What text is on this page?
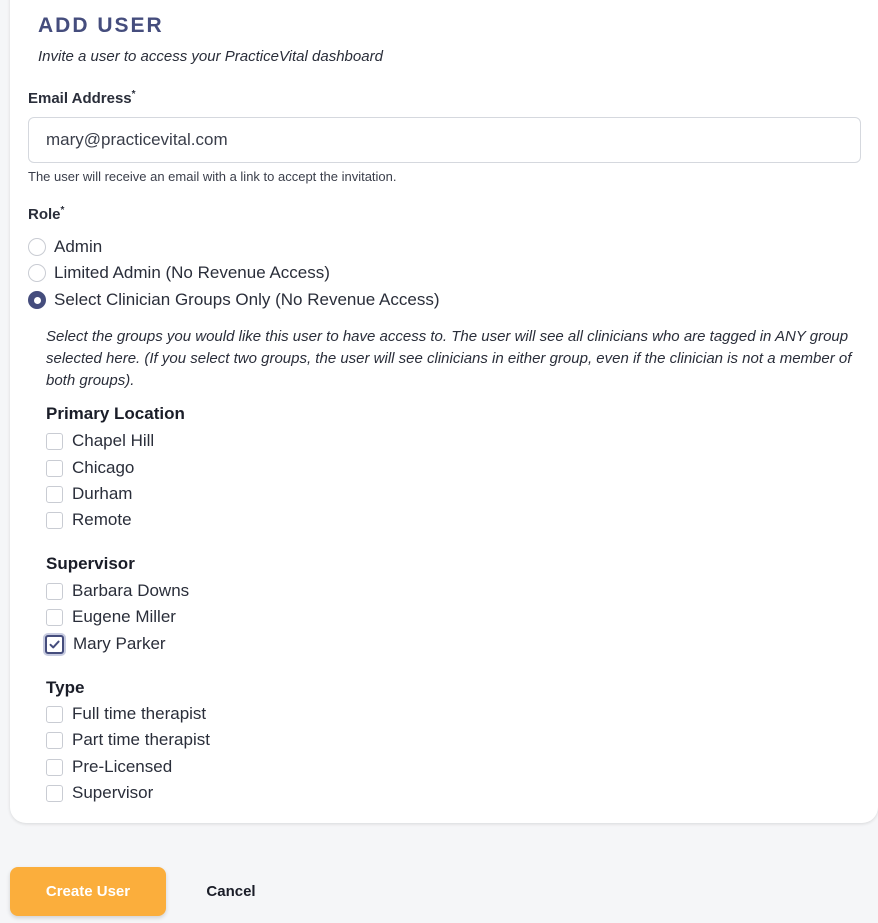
ADD USER
Invite a user to access your PracticeVital dashboard
Email Address*
mary@practicevital.com
The user will receive an email with a link to accept the invitation.
Role*
Admin
Limited Admin (No Revenue Access)
Select Clinician Groups Only (No Revenue Access)
Select the groups you would like this user to have access to. The user will see all clinicians who are tagged in ANY group selected here. (If you select two groups, the user will see clinicians in either group, even if the clinician is not a member of both groups).
Primary Location
Chapel Hill
Chicago
Durham
Remote
Supervisor
Barbara Downs
Eugene Miller
Mary Parker
Type
Full time therapist
Part time therapist
Pre-Licensed
Supervisor
Create User	Cancel
